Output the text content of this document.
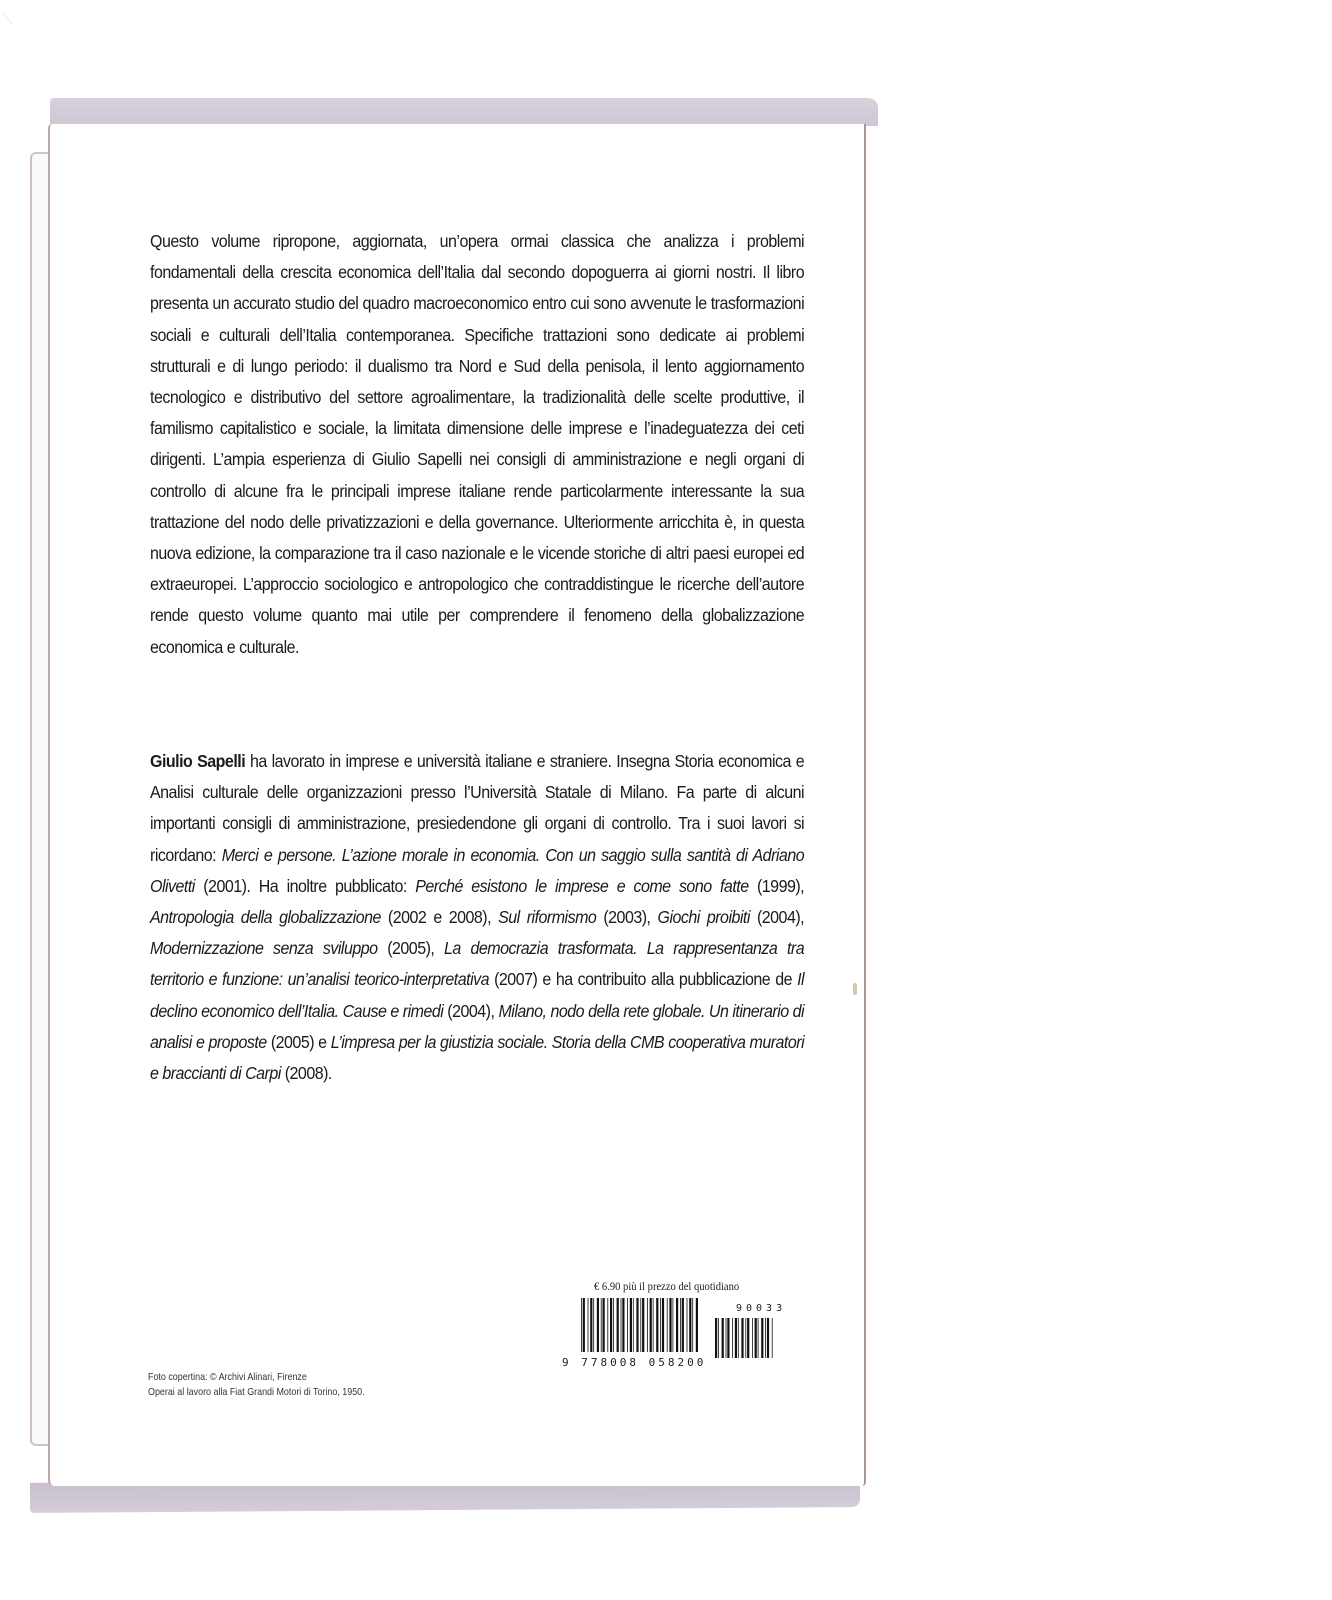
Questo volume ripropone, aggiornata, un’opera ormai classica che analizza i problemi fondamentali della crescita economica dell’Italia dal secondo dopoguerra ai giorni nostri. Il libro presenta un accurato studio del quadro macroeconomico entro cui sono avvenute le trasformazioni sociali e culturali dell’Italia contemporanea. Specifiche trattazioni sono dedicate ai problemi strutturali e di lungo periodo: il dualismo tra Nord e Sud della penisola, il lento aggiornamento tecnologico e distributivo del settore agroalimentare, la tradizionalità delle scelte produttive, il familismo capitalistico e sociale, la limitata dimensione delle imprese e l’inadeguatezza dei ceti dirigenti. L’ampia esperienza di Giulio Sapelli nei consigli di amministrazione e negli organi di controllo di alcune fra le principali imprese italiane rende particolarmente interessante la sua trattazione del nodo delle privatizzazioni e della governance. Ulteriormente arricchita è, in questa nuova edizione, la comparazione tra il caso nazionale e le vicende storiche di altri paesi europei ed extraeuropei. L’approccio sociologico e antropologico che contraddistingue le ricerche dell’autore rende questo volume quanto mai utile per comprendere il fenomeno della globalizzazione economica e culturale.

Giulio Sapelli ha lavorato in imprese e università italiane e straniere. Insegna Storia economica e Analisi culturale delle organizzazioni presso l’Università Statale di Milano. Fa parte di alcuni importanti consigli di amministrazione, presiedendone gli organi di controllo. Tra i suoi lavori si ricordano: Merci e persone. L’azione morale in economia. Con un saggio sulla santità di Adriano Olivetti (2001). Ha inoltre pubblicato: Perché esistono le imprese e come sono fatte (1999), Antropologia della globalizzazione (2002 e 2008), Sul riformismo (2003), Giochi proibiti (2004), Modernizzazione senza sviluppo (2005), La democrazia trasformata. La rappresentanza tra territorio e funzione: un’analisi teorico-interpretativa (2007) e ha contribuito alla pubblicazione de Il declino economico dell’Italia. Cause e rimedi (2004), Milano, nodo della rete globale. Un itinerario di analisi e proposte (2005) e L’impresa per la giustizia sociale. Storia della CMB cooperativa muratori e braccianti di Carpi (2008).

Foto copertina: © Archivi Alinari, Firenze
Operai al lavoro alla Fiat Grandi Motori di Torino, 1950.
€ 6.90 più il prezzo del quotidiano
9 778008 058200
90033
